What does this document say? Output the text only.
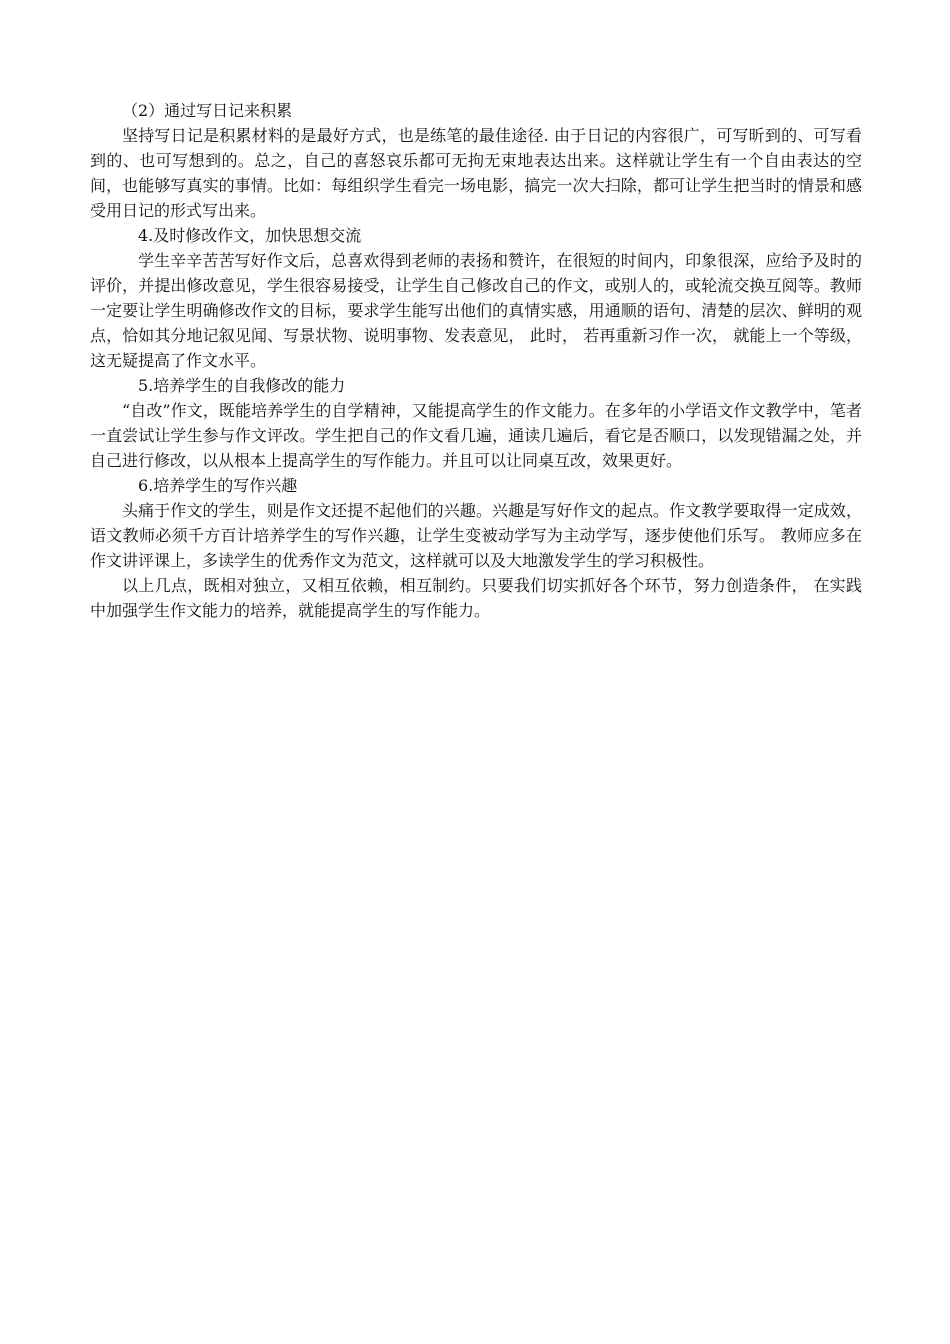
（2）通过写日记来积累

坚持写日记是积累材料的是最好方式，也是练笔的最佳途径. 由于日记的内容很广，可写昕到的、可写看到的、也可写想到的。总之，自己的喜怒哀乐都可无拘无束地表达出来。这样就让学生有一个自由表达的空间，也能够写真实的事情。比如：每组织学生看完一场电影，搞完一次大扫除，都可让学生把当时的情景和感受用日记的形式写出来。

4.及时修改作文，加快思想交流

学生辛辛苦苦写好作文后，总喜欢得到老师的表扬和赞许，在很短的时间内，印象很深，应给予及时的评价，并提出修改意见，学生很容易接受，让学生自己修改自己的作文，或别人的，或轮流交换互阅等。教师一定要让学生明确修改作文的目标，要求学生能写出他们的真情实感，用通顺的语句、清楚的层次、鲜明的观点，恰如其分地记叙见闻、写景状物、说明事物、发表意见， 此时， 若再重新习作一次， 就能上一个等级， 这无疑提高了作文水平。

5.培养学生的自我修改的能力

“自改”作文，既能培养学生的自学精神，又能提高学生的作文能力。在多年的小学语文作文教学中，笔者一直尝试让学生参与作文评改。学生把自己的作文看几遍，通读几遍后，看它是否顺口，以发现错漏之处，并自己进行修改，以从根本上提高学生的写作能力。并且可以让同桌互改，效果更好。

6.培养学生的写作兴趣

头痛于作文的学生，则是作文还提不起他们的兴趣。兴趣是写好作文的起点。作文教学要取得一定成效，语文教师必须千方百计培养学生的写作兴趣，让学生变被动学写为主动学写，逐步使他们乐写。 教师应多在作文讲评课上，多读学生的优秀作文为范文，这样就可以及大地激发学生的学习积极性。

以上几点，既相对独立，又相互依赖，相互制约。只要我们切实抓好各个环节，努力创造条件， 在实践中加强学生作文能力的培养，就能提高学生的写作能力。
